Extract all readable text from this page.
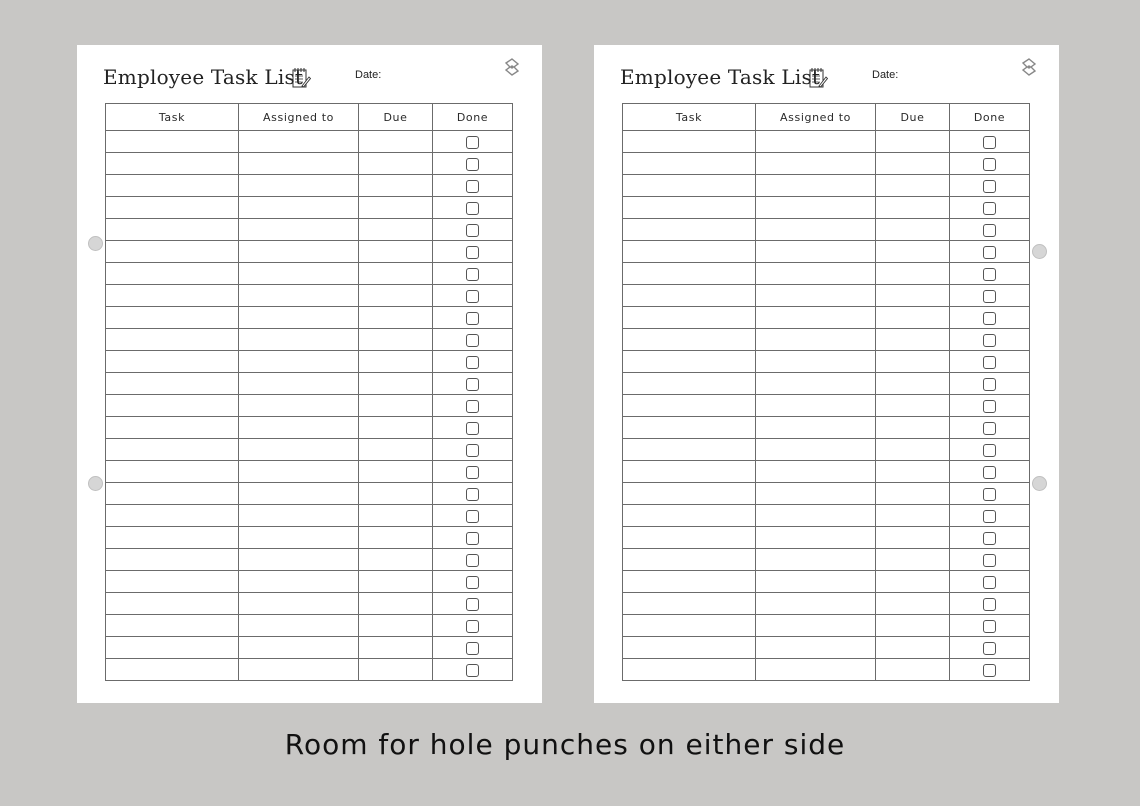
Employee Task List	Date:
Task	Assigned to	Due	Done

Employee Task List	Date:
Task	Assigned to	Due	Done

Room for hole punches on either side
